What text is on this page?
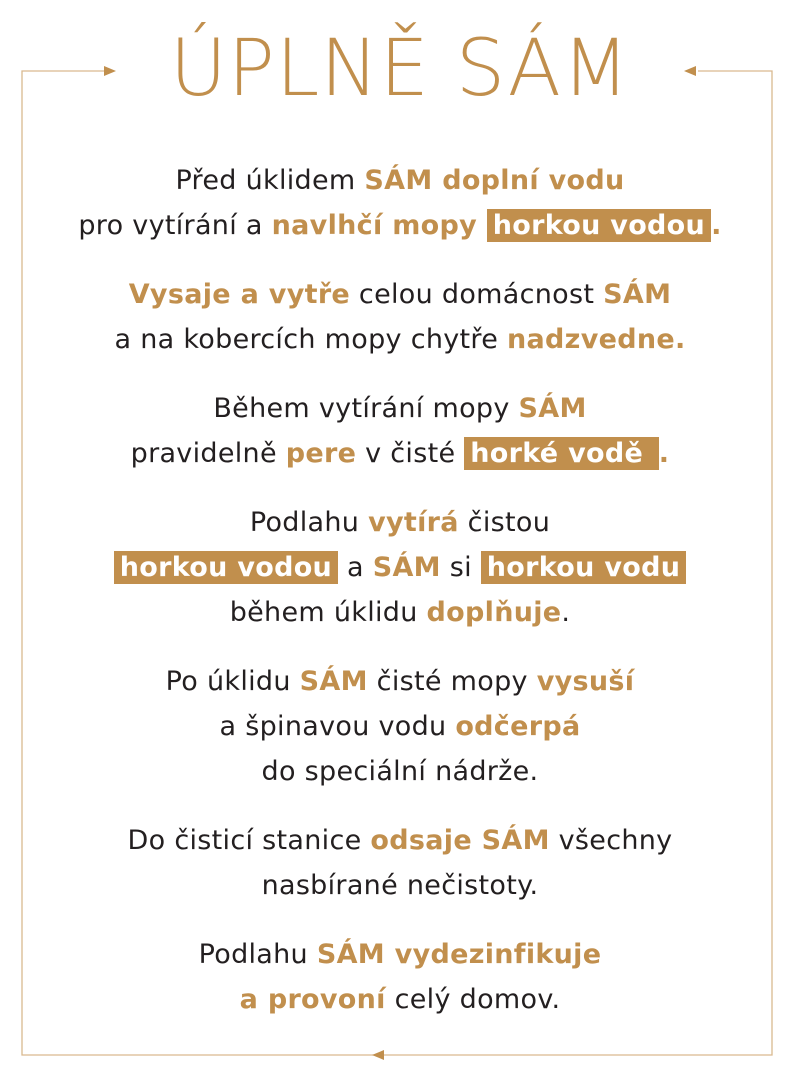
ÚPLNĚ SÁM

Před úklidem SÁM doplní vodu
pro vytírání a navlhčí mopy horkou vodou .

Vysaje a vytře celou domácnost SÁM
a na kobercích mopy chytře nadzvedne.

Během vytírání mopy SÁM
pravidelně pere v čisté horké vodě .

Podlahu vytírá čistou
horkou vodou a SÁM si horkou vodu
během úklidu doplňuje.

Po úklidu SÁM čisté mopy vysuší
a špinavou vodu odčerpá
do speciální nádrže.

Do čisticí stanice odsaje SÁM všechny
nasbírané nečistoty.

Podlahu SÁM vydezinfikuje
a provoní celý domov.
